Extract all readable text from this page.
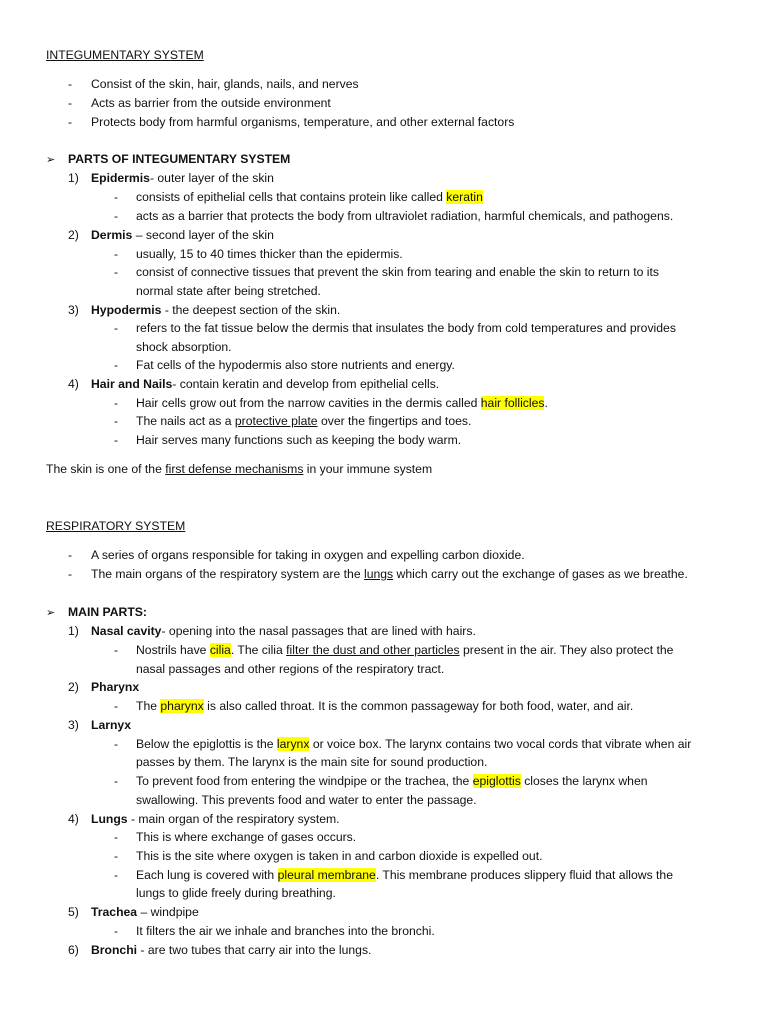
INTEGUMENTARY SYSTEM
- Consist of the skin, hair, glands, nails, and nerves
- Acts as barrier from the outside environment
- Protects body from harmful organisms, temperature, and other external factors
➢ PARTS OF INTEGUMENTARY SYSTEM
1) Epidermis- outer layer of the skin
- consists of epithelial cells that contains protein like called keratin
- acts as a barrier that protects the body from ultraviolet radiation, harmful chemicals, and pathogens.
2) Dermis – second layer of the skin
- usually, 15 to 40 times thicker than the epidermis.
- consist of connective tissues that prevent the skin from tearing and enable the skin to return to its
normal state after being stretched.
3) Hypodermis - the deepest section of the skin.
- refers to the fat tissue below the dermis that insulates the body from cold temperatures and provides
shock absorption.
- Fat cells of the hypodermis also store nutrients and energy.
4) Hair and Nails- contain keratin and develop from epithelial cells.
- Hair cells grow out from the narrow cavities in the dermis called hair follicles.
- The nails act as a protective plate over the fingertips and toes.
- Hair serves many functions such as keeping the body warm.
The skin is one of the first defense mechanisms in your immune system
RESPIRATORY SYSTEM
- A series of organs responsible for taking in oxygen and expelling carbon dioxide.
- The main organs of the respiratory system are the lungs which carry out the exchange of gases as we breathe.
➢ MAIN PARTS:
1) Nasal cavity- opening into the nasal passages that are lined with hairs.
- Nostrils have cilia. The cilia filter the dust and other particles present in the air. They also protect the
nasal passages and other regions of the respiratory tract.
2) Pharynx
- The pharynx is also called throat. It is the common passageway for both food, water, and air.
3) Larnyx
- Below the epiglottis is the larynx or voice box. The larynx contains two vocal cords that vibrate when air
passes by them. The larynx is the main site for sound production.
- To prevent food from entering the windpipe or the trachea, the epiglottis closes the larynx when
swallowing. This prevents food and water to enter the passage.
4) Lungs - main organ of the respiratory system.
- This is where exchange of gases occurs.
- This is the site where oxygen is taken in and carbon dioxide is expelled out.
- Each lung is covered with pleural membrane. This membrane produces slippery fluid that allows the
lungs to glide freely during breathing.
5) Trachea – windpipe
- It filters the air we inhale and branches into the bronchi.
6) Bronchi - are two tubes that carry air into the lungs.
